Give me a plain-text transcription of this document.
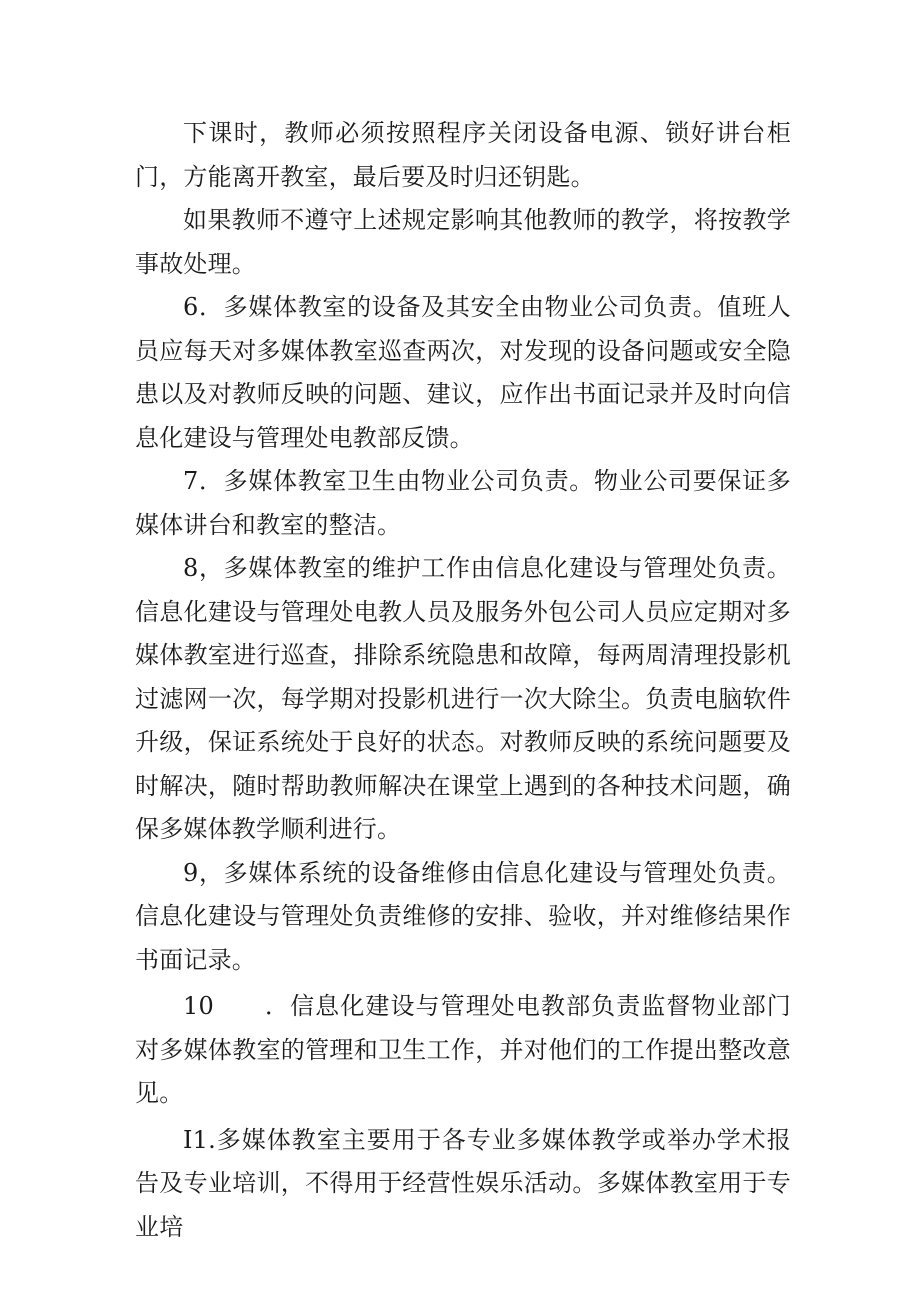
下课时，教师必须按照程序关闭设备电源、锁好讲台柜门，方能离开教室，最后要及时归还钥匙。

如果教师不遵守上述规定影响其他教师的教学，将按教学事故处理。

6．多媒体教室的设备及其安全由物业公司负责。值班人员应每天对多媒体教室巡查两次，对发现的设备问题或安全隐患以及对教师反映的问题、建议，应作出书面记录并及时向信息化建设与管理处电教部反馈。

7．多媒体教室卫生由物业公司负责。物业公司要保证多媒体讲台和教室的整洁。

8，多媒体教室的维护工作由信息化建设与管理处负责。信息化建设与管理处电教人员及服务外包公司人员应定期对多媒体教室进行巡查，排除系统隐患和故障，每两周清理投影机过滤网一次，每学期对投影机进行一次大除尘。负责电脑软件升级，保证系统处于良好的状态。对教师反映的系统问题要及时解决，随时帮助教师解决在课堂上遇到的各种技术问题，确保多媒体教学顺利进行。

9，多媒体系统的设备维修由信息化建设与管理处负责。信息化建设与管理处负责维修的安排、验收，并对维修结果作书面记录。

10　　．信息化建设与管理处电教部负责监督物业部门对多媒体教室的管理和卫生工作，并对他们的工作提出整改意见。

I1.多媒体教室主要用于各专业多媒体教学或举办学术报告及专业培训，不得用于经营性娱乐活动。多媒体教室用于专业培
